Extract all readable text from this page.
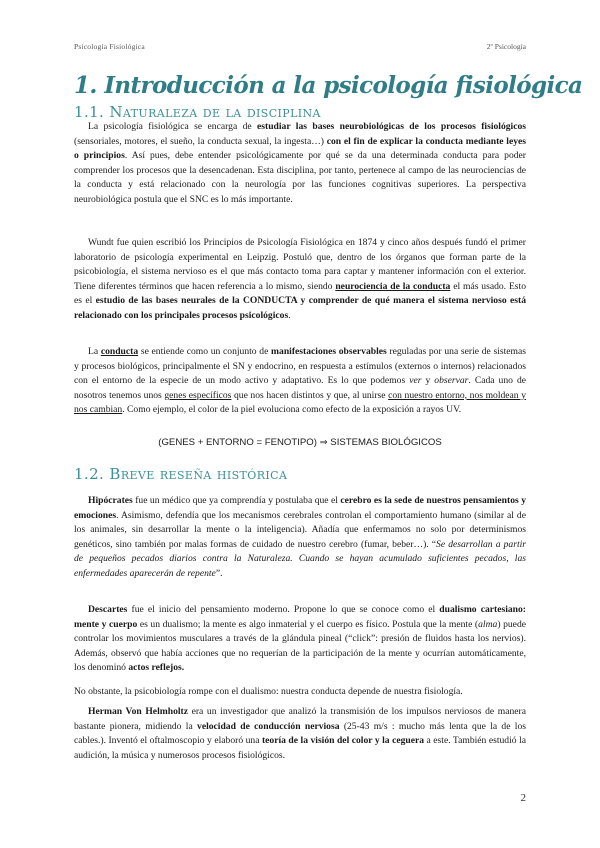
Psicología Fisiológica	2º Psicología
1. Introducción a la psicología fisiológica
1.1. Naturaleza de la disciplina

La psicología fisiológica se encarga de estudiar las bases neurobiológicas de los procesos fisiológicos (sensoriales, motores, el sueño, la conducta sexual, la ingesta…) con el fin de explicar la conducta mediante leyes o principios. Así pues, debe entender psicológicamente por qué se da una determinada conducta para poder comprender los procesos que la desencadenan. Esta disciplina, por tanto, pertenece al campo de las neurociencias de la conducta y está relacionado con la neurología por las funciones cognitivas superiores. La perspectiva neurobiológica postula que el SNC es lo más importante.

Wundt fue quien escribió los Principios de Psicología Fisiológica en 1874 y cinco años después fundó el primer laboratorio de psicología experimental en Leipzig. Postuló que, dentro de los órganos que forman parte de la psicobiología, el sistema nervioso es el que más contacto toma para captar y mantener información con el exterior. Tiene diferentes términos que hacen referencia a lo mismo, siendo neurociencia de la conducta el más usado. Esto es el estudio de las bases neurales de la CONDUCTA y comprender de qué manera el sistema nervioso está relacionado con los principales procesos psicológicos.

La conducta se entiende como un conjunto de manifestaciones observables reguladas por una serie de sistemas y procesos biológicos, principalmente el SN y endocrino, en respuesta a estímulos (externos o internos) relacionados con el entorno de la especie de un modo activo y adaptativo. Es lo que podemos ver y observar. Cada uno de nosotros tenemos unos genes específicos que nos hacen distintos y que, al unirse con nuestro entorno, nos moldean y nos cambian. Como ejemplo, el color de la piel evoluciona como efecto de la exposición a rayos UV.

(GENES + ENTORNO = FENOTIPO) ⇒ SISTEMAS BIOLÓGICOS
1.2. Breve reseña histórica

Hipócrates fue un médico que ya comprendía y postulaba que el cerebro es la sede de nuestros pensamientos y emociones. Asimismo, defendía que los mecanismos cerebrales controlan el comportamiento humano (similar al de los animales, sin desarrollar la mente o la inteligencia). Añadía que enfermamos no solo por determinismos genéticos, sino también por malas formas de cuidado de nuestro cerebro (fumar, beber…). “Se desarrollan a partir de pequeños pecados diarios contra la Naturaleza. Cuando se hayan acumulado suficientes pecados, las enfermedades aparecerán de repente”.

Descartes fue el inicio del pensamiento moderno. Propone lo que se conoce como el dualismo cartesiano: mente y cuerpo es un dualismo; la mente es algo inmaterial y el cuerpo es físico. Postula que la mente (alma) puede controlar los movimientos musculares a través de la glándula pineal (“click”: presión de fluidos hasta los nervios). Además, observó que había acciones que no requerían de la participación de la mente y ocurrían automáticamente, los denominó actos reflejos.

No obstante, la psicobiología rompe con el dualismo: nuestra conducta depende de nuestra fisiología.

Herman Von Helmholtz era un investigador que analizó la transmisión de los impulsos nerviosos de manera bastante pionera, midiendo la velocidad de conducción nerviosa (25-43 m/s : mucho más lenta que la de los cables.). Inventó el oftalmoscopio y elaboró una teoría de la visión del color y la ceguera a este. También estudió la audición, la música y numerosos procesos fisiológicos.

2
